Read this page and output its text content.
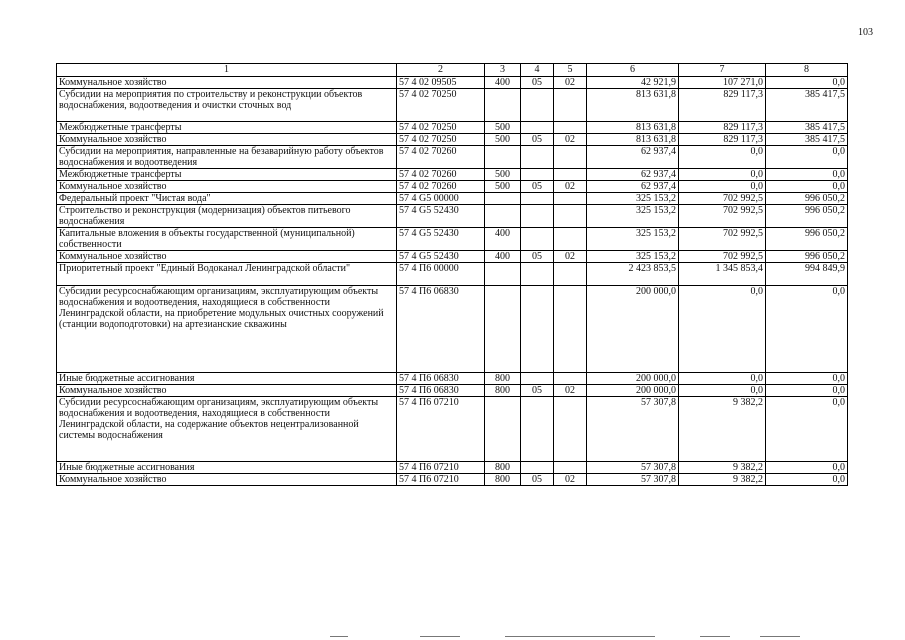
103
1	2	3	4	5	6	7	8
Коммунальное хозяйство	57 4 02 09505	400	05	02	42 921,9	107 271,0	0,0
Субсидии на мероприятия по строительству и реконструкции объектов водоснабжения, водоотведения и очистки сточных вод	57 4 02 70250				813 631,8	829 117,3	385 417,5
Межбюджетные трансферты	57 4 02 70250	500			813 631,8	829 117,3	385 417,5
Коммунальное хозяйство	57 4 02 70250	500	05	02	813 631,8	829 117,3	385 417,5
Субсидии на мероприятия, направленные на безаварийную работу объектов водоснабжения и водоотведения	57 4 02 70260				62 937,4	0,0	0,0
Межбюджетные трансферты	57 4 02 70260	500			62 937,4	0,0	0,0
Коммунальное хозяйство	57 4 02 70260	500	05	02	62 937,4	0,0	0,0
Федеральный проект "Чистая вода"	57 4 G5 00000				325 153,2	702 992,5	996 050,2
Строительство и реконструкция (модернизация) объектов питьевого водоснабжения	57 4 G5 52430				325 153,2	702 992,5	996 050,2
Капитальные вложения в объекты государственной (муниципальной) собственности	57 4 G5 52430	400			325 153,2	702 992,5	996 050,2
Коммунальное хозяйство	57 4 G5 52430	400	05	02	325 153,2	702 992,5	996 050,2
Приоритетный проект "Единый Водоканал Ленинградской области"	57 4 П6 00000				2 423 853,5	1 345 853,4	994 849,9
Субсидии ресурсоснабжающим организациям, эксплуатирующим объекты водоснабжения и водоотведения, находящиеся в собственности Ленинградской области, на приобретение модульных очистных сооружений (станции водоподготовки) на артезианские скважины	57 4 П6 06830				200 000,0	0,0	0,0
Иные бюджетные ассигнования	57 4 П6 06830	800			200 000,0	0,0	0,0
Коммунальное хозяйство	57 4 П6 06830	800	05	02	200 000,0	0,0	0,0
Субсидии ресурсоснабжающим организациям, эксплуатирующим объекты водоснабжения и водоотведения, находящиеся в собственности Ленинградской области, на содержание объектов нецентрализованной системы водоснабжения	57 4 П6 07210				57 307,8	9 382,2	0,0
Иные бюджетные ассигнования	57 4 П6 07210	800			57 307,8	9 382,2	0,0
Коммунальное хозяйство	57 4 П6 07210	800	05	02	57 307,8	9 382,2	0,0
